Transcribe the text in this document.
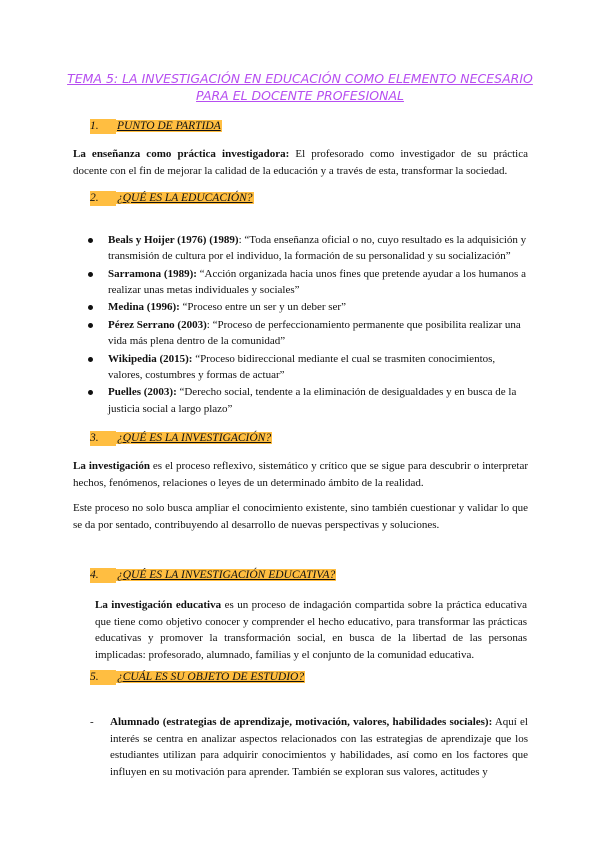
TEMA 5: LA INVESTIGACIÓN EN EDUCACIÓN COMO ELEMENTO NECESARIO
PARA EL DOCENTE PROFESIONAL
1. PUNTO DE PARTIDA

La enseñanza como práctica investigadora: El profesorado como investigador de su práctica docente con el fin de mejorar la calidad de la educación y a través de esta, transformar la sociedad.

2. ¿QUÉ ES LA EDUCACIÓN?
Beals y Hoijer (1976) (1989): “Toda enseñanza oficial o no, cuyo resultado es la adquisición y transmisión de cultura por el individuo, la formación de su personalidad y su socialización”
Sarramona (1989): “Acción organizada hacia unos fines que pretende ayudar a los humanos a realizar unas metas individuales y sociales”
Medina (1996): “Proceso entre un ser y un deber ser”
Pérez Serrano (2003): “Proceso de perfeccionamiento permanente que posibilita realizar una vida más plena dentro de la comunidad”
Wikipedia (2015): “Proceso bidireccional mediante el cual se trasmiten conocimientos, valores, costumbres y formas de actuar”
Puelles (2003): “Derecho social, tendente a la eliminación de desigualdades y en busca de la justicia social a largo plazo”
3. ¿QUÉ ES LA INVESTIGACIÓN?

La investigación es el proceso reflexivo, sistemático y crítico que se sigue para descubrir o interpretar hechos, fenómenos, relaciones o leyes de un determinado ámbito de la realidad.

Este proceso no solo busca ampliar el conocimiento existente, sino también cuestionar y validar lo que se da por sentado, contribuyendo al desarrollo de nuevas perspectivas y soluciones.

4. ¿QUÉ ES LA INVESTIGACIÓN EDUCATIVA?

La investigación educativa es un proceso de indagación compartida sobre la práctica educativa que tiene como objetivo conocer y comprender el hecho educativo, para transformar las prácticas educativas y promover la transformación social, en busca de la libertad de las personas implicadas: profesorado, alumnado, familias y el conjunto de la comunidad educativa.

5. ¿CUÁL ES SU OBJETO DE ESTUDIO?
-	Alumnado (estrategias de aprendizaje, motivación, valores, habilidades sociales): Aquí el interés se centra en analizar aspectos relacionados con las estrategias de aprendizaje que los estudiantes utilizan para adquirir conocimientos y habilidades, así como en los factores que influyen en su motivación para aprender. También se exploran sus valores, actitudes y
